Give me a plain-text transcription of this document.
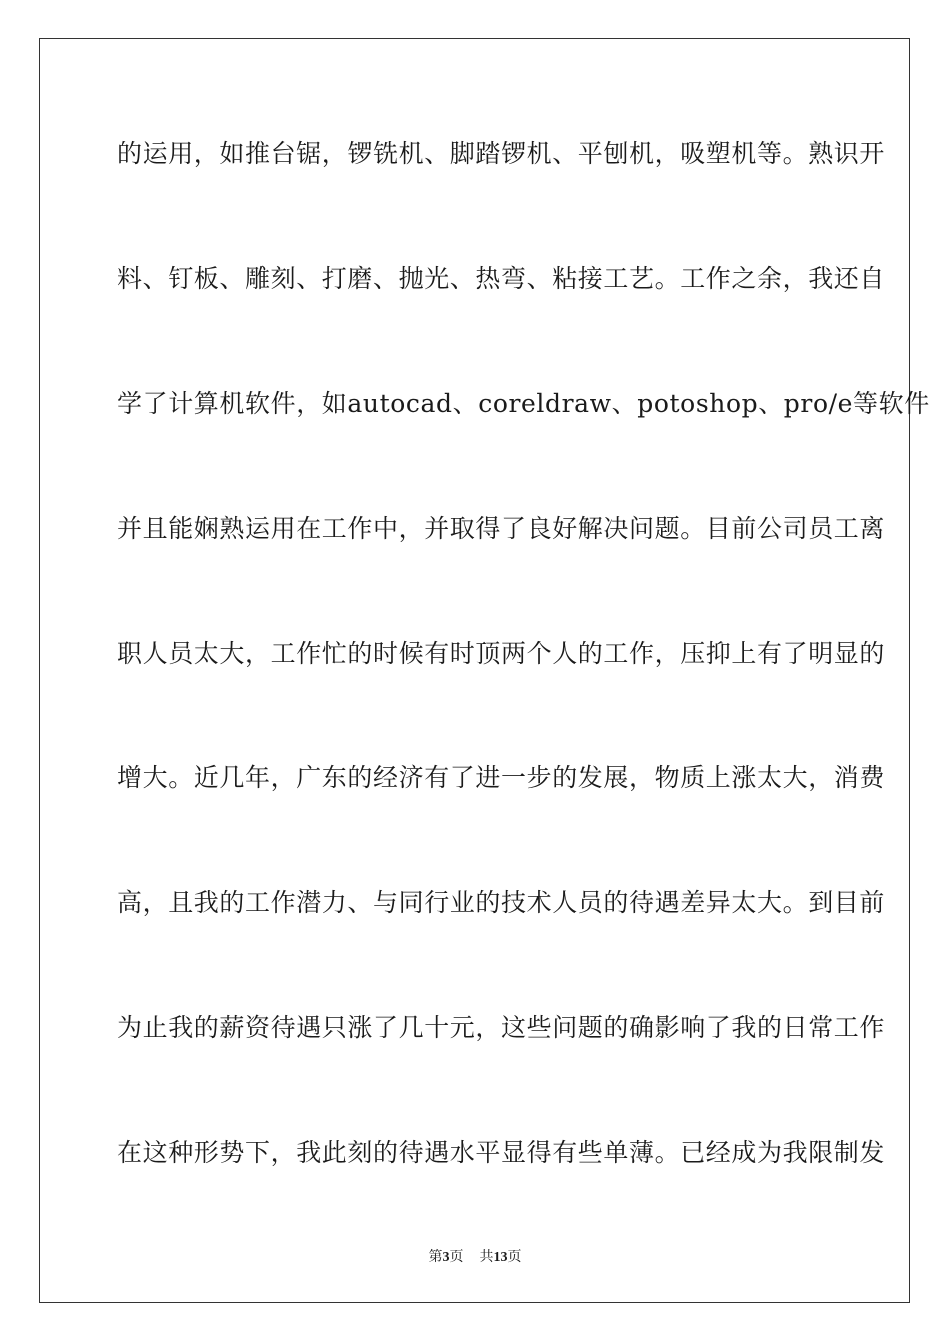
的运用，如推台锯，锣铣机、脚踏锣机、平刨机，吸塑机等。熟识开
料、钉板、雕刻、打磨、抛光、热弯、粘接工艺。工作之余，我还自
学了计算机软件，如autocad、coreldraw、potoshop、pro/e等软件
并且能娴熟运用在工作中，并取得了良好解决问题。目前公司员工离
职人员太大，工作忙的时候有时顶两个人的工作，压抑上有了明显的
增大。近几年，广东的经济有了进一步的发展，物质上涨太大，消费
高，且我的工作潜力、与同行业的技术人员的待遇差异太大。到目前
为止我的薪资待遇只涨了几十元，这些问题的确影响了我的日常工作
在这种形势下，我此刻的待遇水平显得有些单薄。已经成为我限制发
第3页 共13页
